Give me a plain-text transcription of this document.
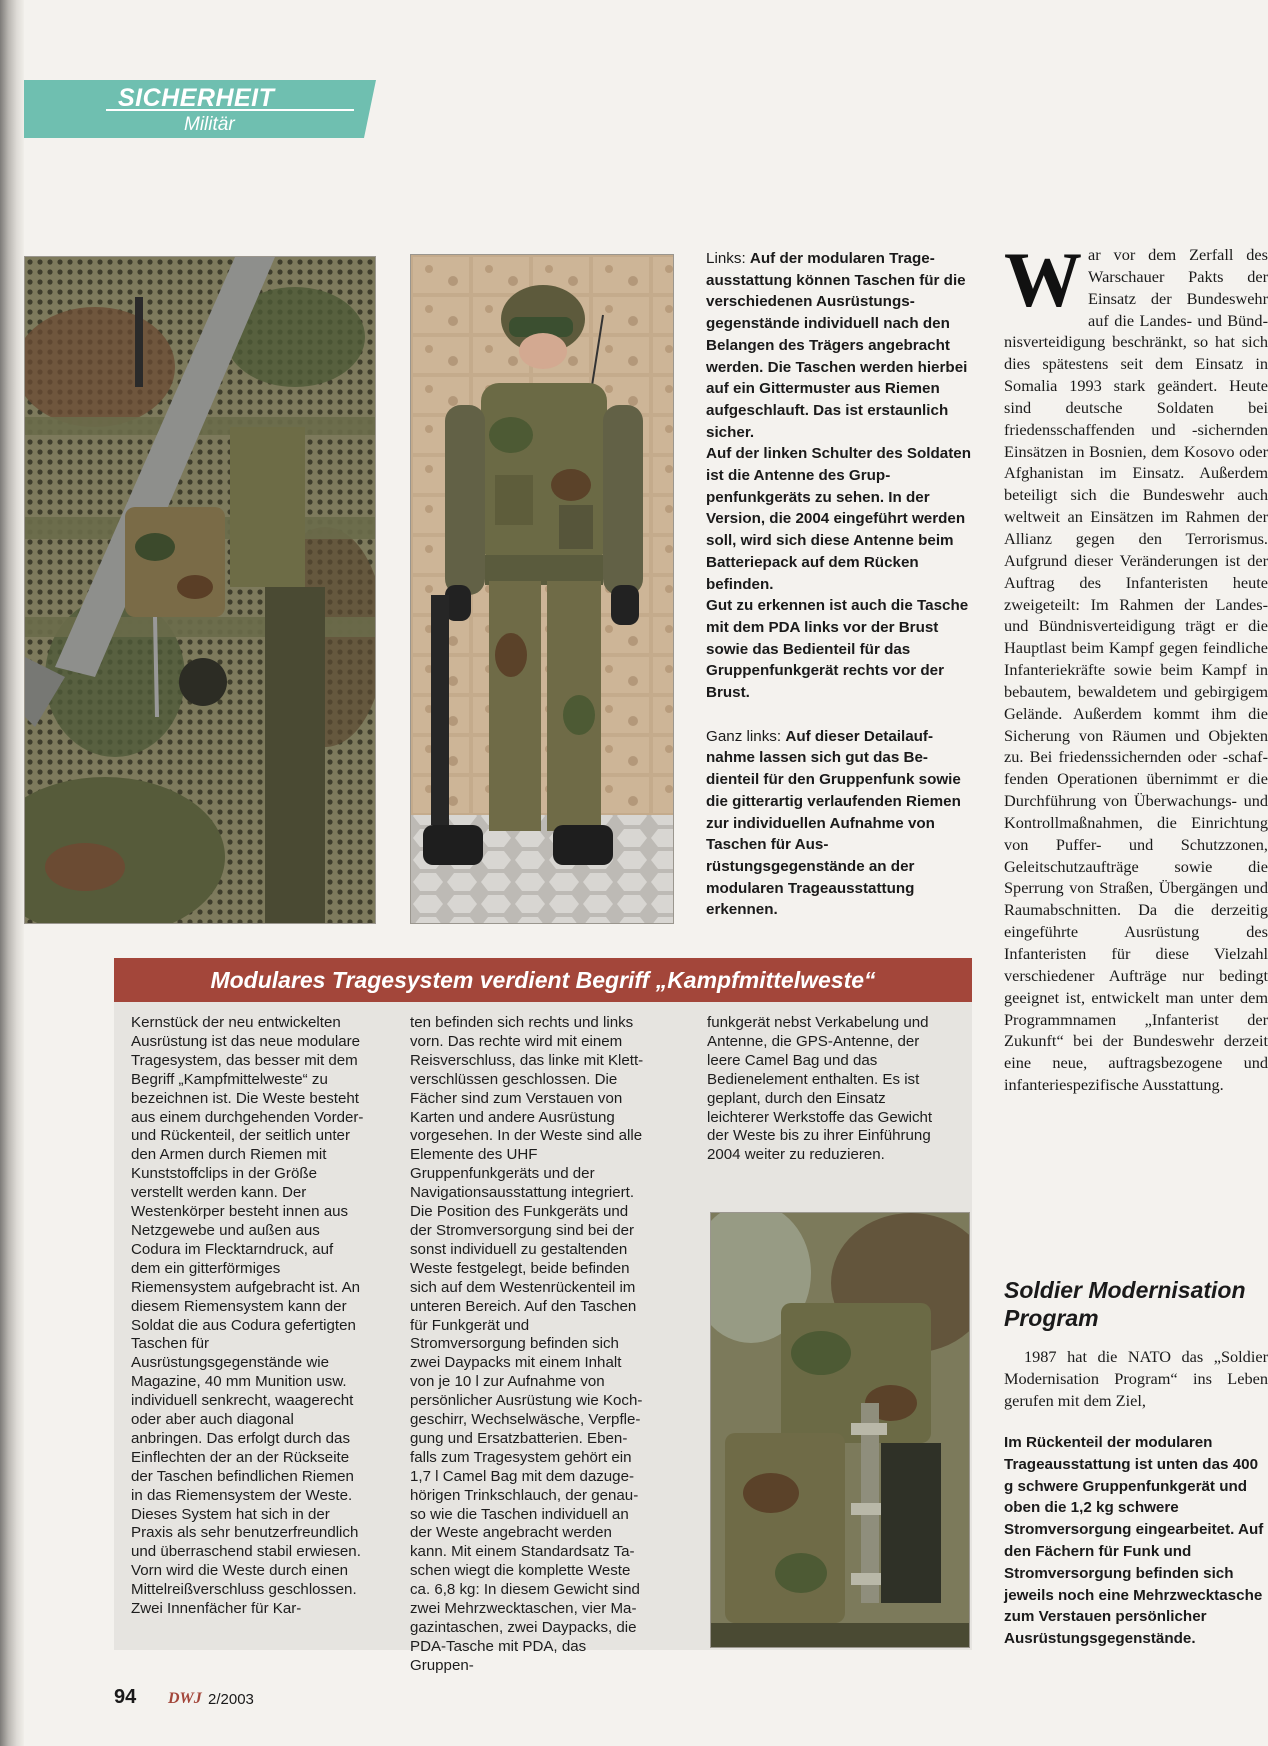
SICHERHEIT
Militär

Links: Auf der modularen Trageausstattung können Taschen für die verschiedenen Ausrüstungsgegenstände individuell nach den Belangen des Trägers angebracht werden. Die Taschen werden hierbei auf ein Gittermuster aus Riemen aufgeschlauft. Das ist erstaunlich sicher.

Auf der linken Schulter des Soldaten ist die Antenne des Gruppenfunkgeräts zu sehen. In der Version, die 2004 eingeführt werden soll, wird sich diese Antenne beim Batteriepack auf dem Rücken befinden.

Gut zu erkennen ist auch die Tasche mit dem PDA links vor der Brust sowie das Bedienteil für das Gruppenfunkgerät rechts vor der Brust.

Ganz links: Auf dieser Detailaufnahme lassen sich gut das Bedienteil für den Gruppenfunk sowie die gitterartig verlaufenden Riemen zur individuellen Aufnahme von Taschen für Ausrüstungsgegenstände an der modularen Trageausstattung erkennen.

War vor dem Zerfall des Warschauer Pakts der Einsatz der Bundeswehr auf die Landes- und Bündnisverteidigung beschränkt, so hat sich dies spätestens seit dem Einsatz in Somalia 1993 stark geändert. Heute sind deutsche Soldaten bei friedensschaffenden und -sichernden Einsätzen in Bosnien, dem Kosovo oder Afghanistan im Einsatz. Außerdem beteiligt sich die Bundeswehr auch weltweit an Einsätzen im Rahmen der Allianz gegen den Terrorismus. Aufgrund dieser Veränderungen ist der Auftrag des Infanteristen heute zweigeteilt: Im Rahmen der Landes- und Bündnisverteidigung trägt er die Hauptlast beim Kampf gegen feindliche Infanteriekräfte sowie beim Kampf in bebautem, bewaldetem und gebirgigem Gelände. Außerdem kommt ihm die Sicherung von Räumen und Objekten zu. Bei friedenssichernden oder -schaffenden Operationen übernimmt er die Durchführung von Überwachungs- und Kontrollmaßnahmen, die Einrichtung von Puffer- und Schutzzonen, Geleitschutzaufträge sowie die Sperrung von Straßen, Übergängen und Raumabschnitten. Da die derzeitig eingeführte Ausrüstung des Infanteristen für diese Vielzahl verschiedener Aufträge nur bedingt geeignet ist, entwickelt man unter dem Programmnamen „Infanterist der Zukunft“ bei der Bundeswehr derzeit eine neue, auftragsbezogene und infanteriespezifische Ausstattung.
Soldier Modernisation Program
1987 hat die NATO das „Soldier Modernisation Program“ ins Leben gerufen mit dem Ziel,
Im Rückenteil der modularen Trageausstattung ist unten das 400 g schwere Gruppenfunkgerät und oben die 1,2 kg schwere Stromversorgung eingearbeitet. Auf den Fächern für Funk und Stromversorgung befinden sich jeweils noch eine Mehrzwecktasche zum Verstauen persönlicher Ausrüstungsgegenstände.
Modulares Tragesystem verdient Begriff „Kampfmittelweste“
Kernstück der neu entwickelten Ausrüstung ist das neue modulare Tragesystem, das besser mit dem Begriff „Kampfmittelweste“ zu bezeichnen ist. Die Weste besteht aus einem durchgehenden Vorder- und Rückenteil, der seitlich unter den Armen durch Riemen mit Kunststoffclips in der Größe verstellt werden kann. Der Westenkörper besteht innen aus Netzgewebe und außen aus Codura im Flecktarndruck, auf dem ein gitterförmiges Riemensystem aufgebracht ist. An diesem Riemensystem kann der Soldat die aus Codura gefertigten Taschen für Ausrüstungsgegenstände wie Magazine, 40 mm Munition usw. individuell senkrecht, waagerecht oder aber auch diagonal anbringen. Das erfolgt durch das Einflechten der an der Rückseite der Taschen befindlichen Riemen in das Riemensystem der Weste. Dieses System hat sich in der Praxis als sehr benutzerfreundlich und überraschend stabil erwiesen. Vorn wird die Weste durch einen Mittelreißverschluss geschlossen. Zwei Innenfächer für Kar-
ten befinden sich rechts und links vorn. Das rechte wird mit einem Reisverschluss, das linke mit Klettverschlüssen geschlossen. Die Fächer sind zum Verstauen von Karten und andere Ausrüstung vorgesehen. In der Weste sind alle Elemente des UHF Gruppenfunkgeräts und der Navigationsausstattung integriert. Die Position des Funkgeräts und der Stromversorgung sind bei der sonst individuell zu gestaltenden Weste festgelegt, beide befinden sich auf dem Westenrückenteil im unteren Bereich. Auf den Taschen für Funkgerät und Stromversorgung befinden sich zwei Daypacks mit einem Inhalt von je 10 l zur Aufnahme von persönlicher Ausrüstung wie Kochgeschirr, Wechselwäsche, Verpflegung und Ersatzbatterien. Ebenfalls zum Tragesystem gehört ein 1,7 l Camel Bag mit dem dazugehörigen Trinkschlauch, der genauso wie die Taschen individuell an der Weste angebracht werden kann. Mit einem Standardsatz Taschen wiegt die komplette Weste ca. 6,8 kg: In diesem Gewicht sind zwei Mehrzwecktaschen, vier Magazintaschen, zwei Daypacks, die PDA-Tasche mit PDA, das Gruppen-
funkgerät nebst Verkabelung und Antenne, die GPS-Antenne, der leere Camel Bag und das Bedienelement enthalten. Es ist geplant, durch den Einsatz leichterer Werkstoffe das Gewicht der Weste bis zu ihrer Einführung 2004 weiter zu reduzieren.
94 DWJ 2/2003
